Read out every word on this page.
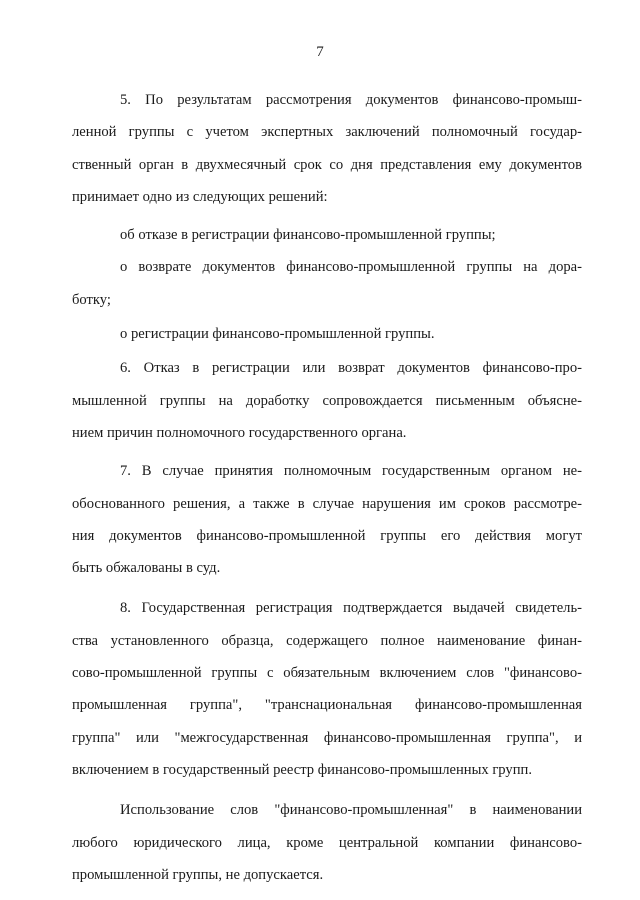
7
5. По результатам рассмотрения документов финансово-промыш-
ленной группы с учетом экспертных заключений полномочный государ-
ственный орган в двухмесячный срок со дня представления ему документов
принимает одно из следующих решений:
об отказе в регистрации финансово-промышленной группы;
о возврате документов финансово-промышленной группы на дора-
ботку;
о регистрации финансово-промышленной группы.
6. Отказ в регистрации или возврат документов финансово-про-
мышленной группы на доработку сопровождается письменным объясне-
нием причин полномочного государственного органа.
7. В случае принятия полномочным государственным органом не-
обоснованного решения, а также в случае нарушения им сроков рассмотре-
ния документов финансово-промышленной группы его действия могут
быть обжалованы в суд.
8. Государственная регистрация подтверждается выдачей свидетель-
ства установленного образца, содержащего полное наименование финан-
сово-промышленной группы с обязательным включением слов "финансово-
промышленная группа", "транснациональная финансово-промышленная
группа" или "межгосударственная финансово-промышленная группа", и
включением в государственный реестр финансово-промышленных групп.
Использование слов "финансово-промышленная" в наименовании
любого юридического лица, кроме центральной компании финансово-
промышленной группы, не допускается.
